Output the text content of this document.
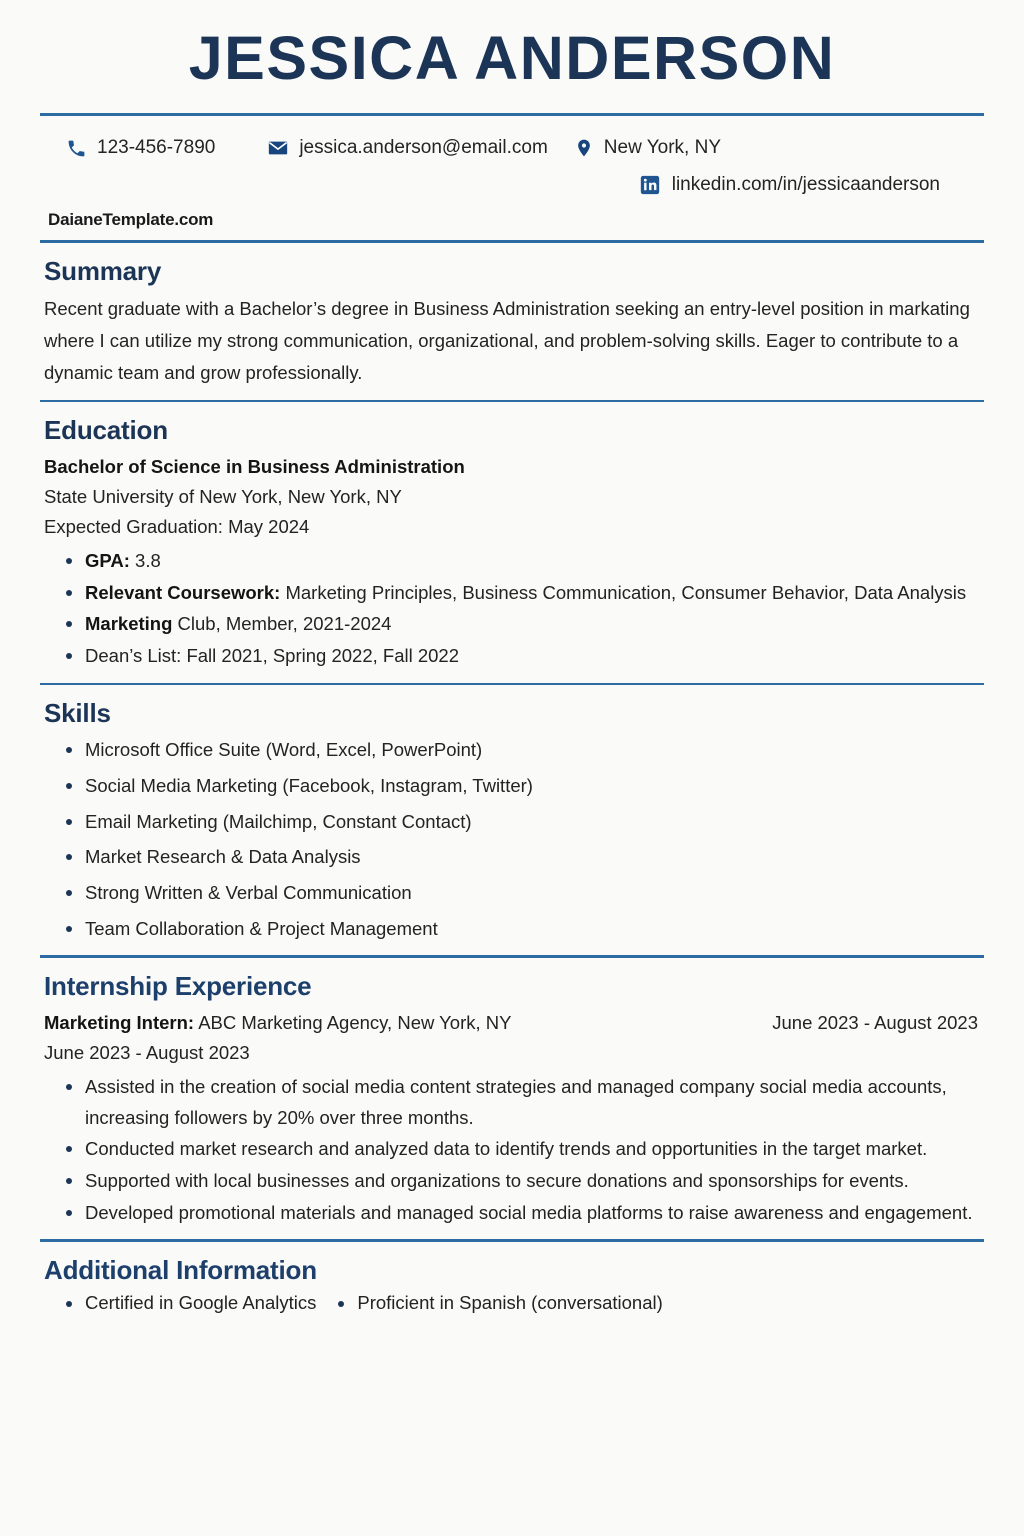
JESSICA ANDERSON
123-456-7890	jessica.anderson@email.com	New York, NY
linkedin.com/in/jessicaanderson
DaianeTemplate.com
Summary
Recent graduate with a Bachelor’s degree in Business Administration seeking an entry-level position in markating where I can utilize my strong communication, organizational, and problem-solving skills. Eager to contribute to a dynamic team and grow professionally.
Education
Bachelor of Science in Business Administration
State University of New York, New York, NY
Expected Graduation: May 2024
GPA: 3.8
Relevant Coursework: Marketing Principles, Business Communication, Consumer Behavior, Data Analysis
Marketing Club, Member, 2021-2024
Dean’s List: Fall 2021, Spring 2022, Fall 2022
Skills
Microsoft Office Suite (Word, Excel, PowerPoint)
Social Media Marketing (Facebook, Instagram, Twitter)
Email Marketing (Mailchimp, Constant Contact)
Market Research & Data Analysis
Strong Written & Verbal Communication
Team Collaboration & Project Management
Internship Experience
Marketing Intern: ABC Marketing Agency, New York, NY	June 2023 - August 2023
June 2023 - August 2023
Assisted in the creation of social media content strategies and managed company social media accounts, increasing followers by 20% over three months.
Conducted market research and analyzed data to identify trends and opportunities in the target market.
Supported with local businesses and organizations to secure donations and sponsorships for events.
Developed promotional materials and managed social media platforms to raise awareness and engagement.
Additional Information
Certified in Google Analytics	Proficient in Spanish (conversational)
